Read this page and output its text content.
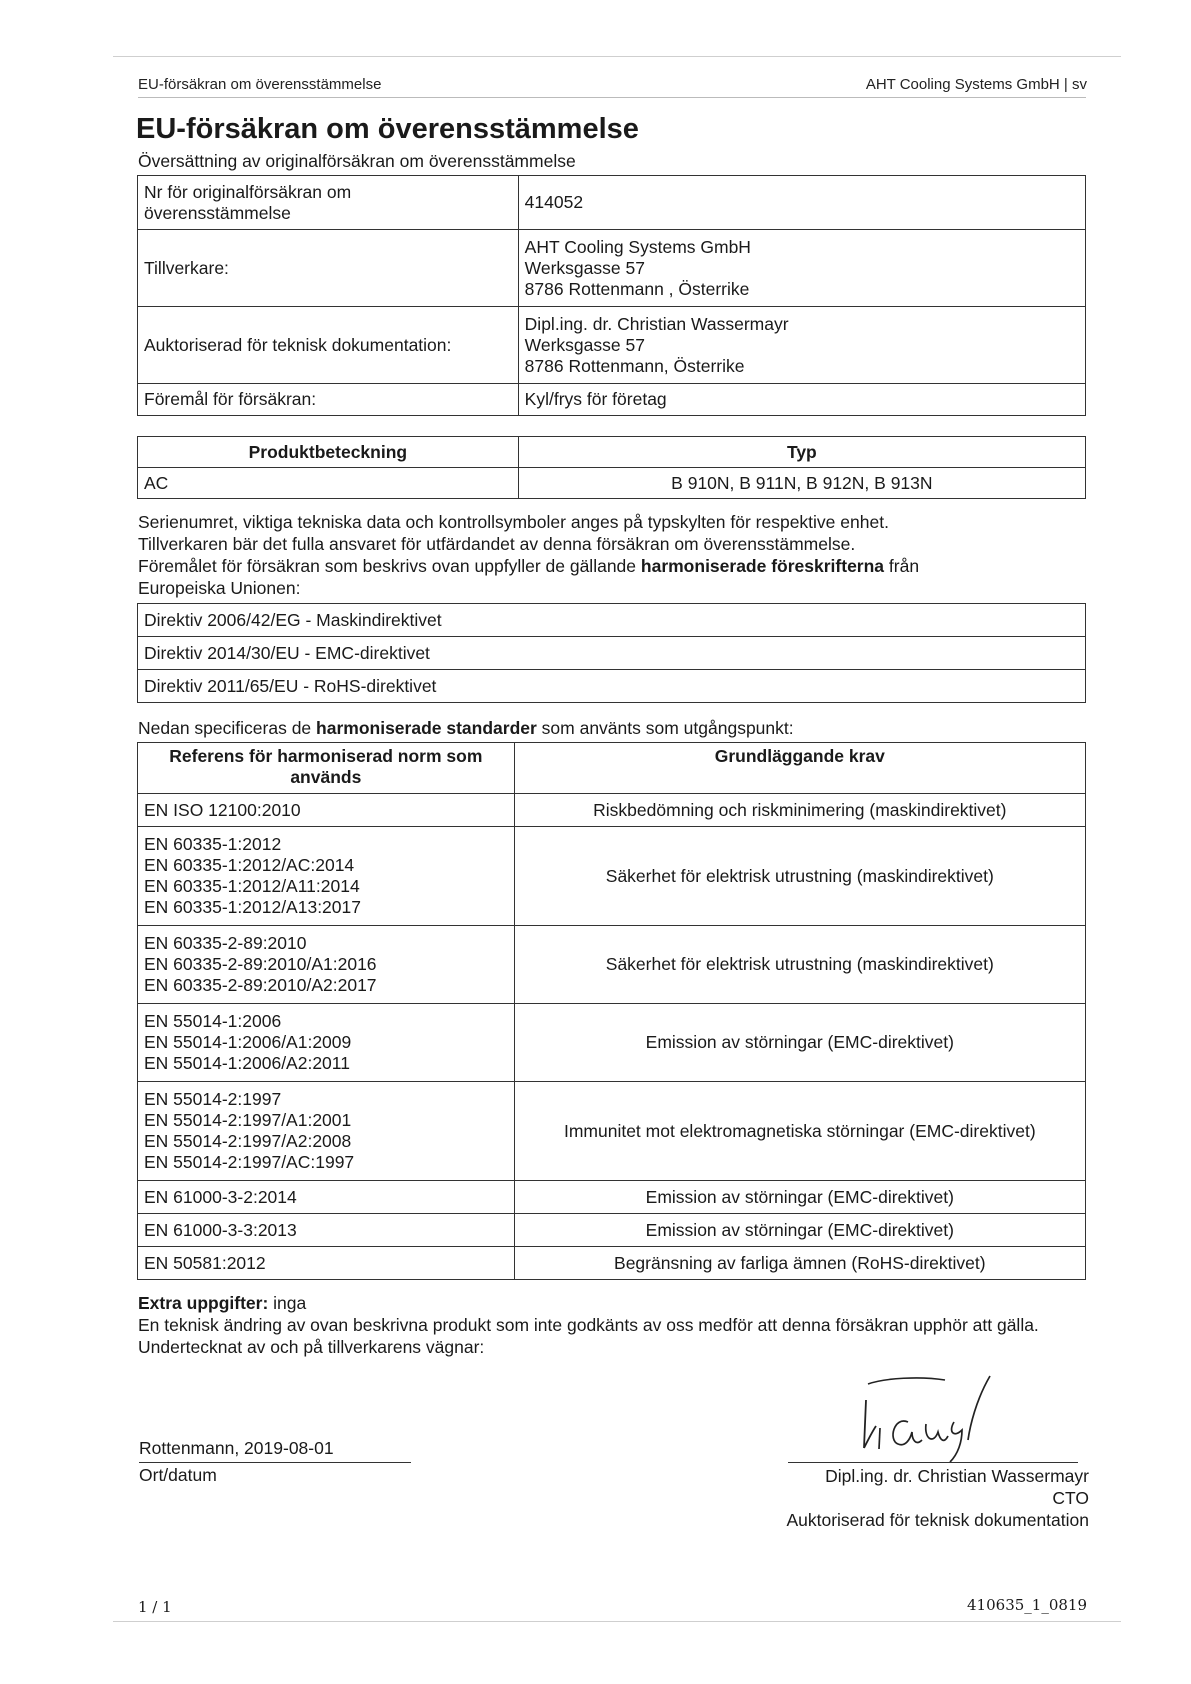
EU-försäkran om överensstämmelse	AHT Cooling Systems GmbH | sv
EU-försäkran om överensstämmelse
Översättning av originalförsäkran om överensstämmelse
Nr för originalförsäkran om
överensstämmelse	414052
Tillverkare:	AHT Cooling Systems GmbH
Werksgasse 57
8786 Rottenmann , Österrike
Auktoriserad för teknisk dokumentation:	Dipl.ing. dr. Christian Wassermayr
Werksgasse 57
8786 Rottenmann, Österrike
Föremål för försäkran:	Kyl/frys för företag
Produktbeteckning	Typ
AC	B 910N, B 911N, B 912N, B 913N
Serienumret, viktiga tekniska data och kontrollsymboler anges på typskylten för respektive enhet.
Tillverkaren bär det fulla ansvaret för utfärdandet av denna försäkran om överensstämmelse.
Föremålet för försäkran som beskrivs ovan uppfyller de gällande harmoniserade föreskrifterna från
Europeiska Unionen:
Direktiv 2006/42/EG - Maskindirektivet
Direktiv 2014/30/EU - EMC-direktivet
Direktiv 2011/65/EU - RoHS-direktivet
Nedan specificeras de harmoniserade standarder som använts som utgångspunkt:
Referens för harmoniserad norm som används	Grundläggande krav
EN ISO 12100:2010	Riskbedömning och riskminimering (maskindirektivet)
EN 60335-1:2012
EN 60335-1:2012/AC:2014
EN 60335-1:2012/A11:2014
EN 60335-1:2012/A13:2017	Säkerhet för elektrisk utrustning (maskindirektivet)
EN 60335-2-89:2010
EN 60335-2-89:2010/A1:2016
EN 60335-2-89:2010/A2:2017	Säkerhet för elektrisk utrustning (maskindirektivet)
EN 55014-1:2006
EN 55014-1:2006/A1:2009
EN 55014-1:2006/A2:2011	Emission av störningar (EMC-direktivet)
EN 55014-2:1997
EN 55014-2:1997/A1:2001
EN 55014-2:1997/A2:2008
EN 55014-2:1997/AC:1997	Immunitet mot elektromagnetiska störningar (EMC-direktivet)
EN 61000-3-2:2014	Emission av störningar (EMC-direktivet)
EN 61000-3-3:2013	Emission av störningar (EMC-direktivet)
EN 50581:2012	Begränsning av farliga ämnen (RoHS-direktivet)
Extra uppgifter: inga
En teknisk ändring av ovan beskrivna produkt som inte godkänts av oss medför att denna försäkran upphör att gälla.
Undertecknat av och på tillverkarens vägnar:
Rottenmann, 2019-08-01
Ort/datum	Dipl.ing. dr. Christian Wassermayr
CTO
Auktoriserad för teknisk dokumentation
1 / 1	410635_1_0819
